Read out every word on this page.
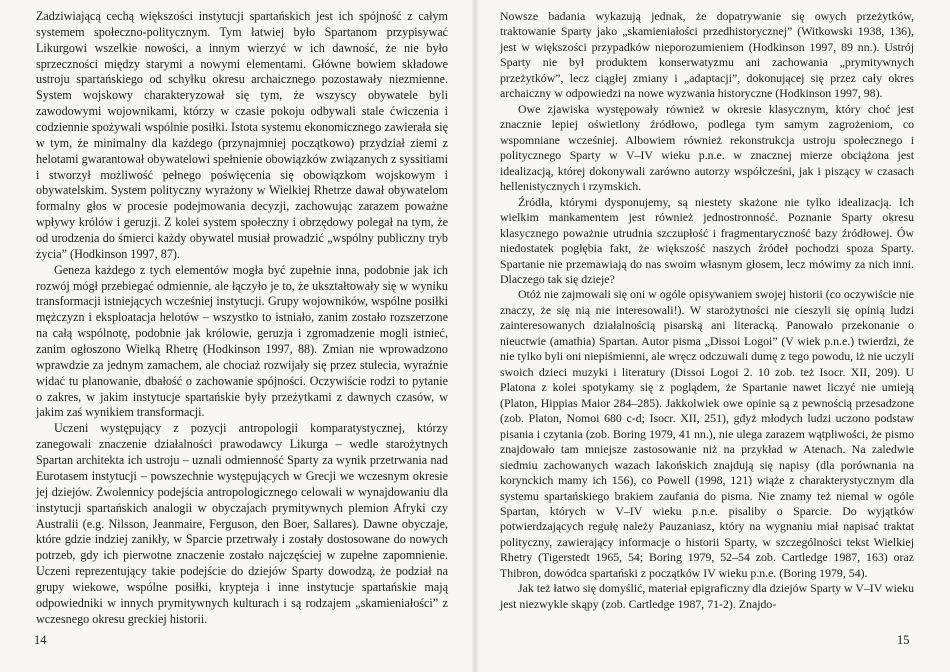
Zadziwiającą cechą większości instytucji spartańskich jest ich spójność z całym systemem społeczno-politycznym. Tym łatwiej było Spartanom przypisywać Likurgowi wszelkie nowości, a innym wierzyć w ich dawność, że nie było sprzeczności między starymi a nowymi elementami. Główne bowiem składowe ustroju spartańskiego od schyłku okresu archaicznego pozostawały niezmienne. System wojskowy charakteryzował się tym, że wszyscy obywatele byli zawodowymi wojownikami, którzy w czasie pokoju odbywali stale ćwiczenia i codziennie spożywali wspólnie posiłki. Istota systemu ekonomicznego zawierała się w tym, że minimalny dla każdego (przynajmniej początkowo) przydział ziemi z helotami gwarantował obywatelowi spełnienie obowiązków związanych z syssitiami i stworzył możliwość pełnego poświęcenia się obowiązkom wojskowym i obywatelskim. System polityczny wyrażony w Wielkiej Rhetrze dawał obywatelom formalny głos w procesie podejmowania decyzji, zachowując zarazem poważne wpływy królów i geruzji. Z kolei system społeczny i obrzędowy polegał na tym, że od urodzenia do śmierci każdy obywatel musiał prowadzić „wspólny publiczny tryb życia” (Hodkinson 1997, 87).

Geneza każdego z tych elementów mogła być zupełnie inna, podobnie jak ich rozwój mógł przebiegać odmiennie, ale łączyło je to, że ukształtowały się w wyniku transformacji istniejących wcześniej instytucji. Grupy wojowników, wspólne posiłki mężczyzn i eksploatacja helotów – wszystko to istniało, zanim zostało rozszerzone na całą wspólnotę, podobnie jak królowie, geruzja i zgromadzenie mogli istnieć, zanim ogłoszono Wielką Rhetrę (Hodkinson 1997, 88). Zmian nie wprowadzono wprawdzie za jednym zamachem, ale chociaż rozwijały się przez stulecia, wyraźnie widać tu planowanie, dbałość o zachowanie spójności. Oczywiście rodzi to pytanie o zakres, w jakim instytucje spartańskie były przeżytkami z dawnych czasów, w jakim zaś wynikiem transformacji.

Uczeni występujący z pozycji antropologii komparatystycznej, którzy zanegowali znaczenie działalności prawodawcy Likurga – wedle starożytnych Spartan architekta ich ustroju – uznali odmienność Sparty za wynik przetrwania nad Eurotasem instytucji – powszechnie występujących w Grecji we wczesnym okresie jej dziejów. Zwolennicy podejścia antropologicznego celowali w wynajdowaniu dla instytucji spartańskich analogii w obyczajach prymitywnych plemion Afryki czy Australii (e.g. Nilsson, Jeanmaire, Ferguson, den Boer, Sallares). Dawne obyczaje, które gdzie indziej zanikły, w Sparcie przetrwały i zostały dostosowane do nowych potrzeb, gdy ich pierwotne znaczenie zostało najczęściej w zupełne zapomnienie. Uczeni reprezentujący takie podejście do dziejów Sparty dowodzą, że podział na grupy wiekowe, wspólne posiłki, krypteja i inne instytucje spartańskie mają odpowiedniki w innych prymitywnych kulturach i są rodzajem „skamieniałości” z wczesnego okresu greckiej historii.

14

Nowsze badania wykazują jednak, że dopatrywanie się owych przeżytków, traktowanie Sparty jako „skamieniałości przedhistorycznej” (Witkowski 1938, 136), jest w większości przypadków nieporozumieniem (Hodkinson 1997, 89 nn.). Ustrój Sparty nie był produktem konserwatyzmu ani zachowania „prymitywnych przeżytków”, lecz ciągłej zmiany i „adaptacji”, dokonującej się przez cały okres archaiczny w odpowiedzi na nowe wyzwania historyczne (Hodkinson 1997, 98).

Owe zjawiska występowały również w okresie klasycznym, który choć jest znacznie lepiej oświetlony źródłowo, podlega tym samym zagrożeniom, co wspomniane wcześniej. Albowiem również rekonstrukcja ustroju społecznego i politycznego Sparty w V–IV wieku p.n.e. w znacznej mierze obciążona jest idealizacją, której dokonywali zarówno autorzy współcześni, jak i piszący w czasach hellenistycznych i rzymskich.

Źródła, którymi dysponujemy, są niestety skażone nie tylko idealizacją. Ich wielkim mankamentem jest również jednostronność. Poznanie Sparty okresu klasycznego poważnie utrudnia szczupłość i fragmentaryczność bazy źródłowej. Ów niedostatek pogłębia fakt, że większość naszych źródeł pochodzi spoza Sparty. Spartanie nie przemawiają do nas swoim własnym głosem, lecz mówimy za nich inni. Dlaczego tak się dzieje?

Otóż nie zajmowali się oni w ogóle opisywaniem swojej historii (co oczywiście nie znaczy, że się nią nie interesowali!). W starożytności nie cieszyli się opinią ludzi zainteresowanych działalnością pisarską ani literacką. Panowało przekonanie o nieuctwie (amathia) Spartan. Autor pisma „Dissoi Logoi” (V wiek p.n.e.) twierdzi, że nie tylko byli oni niepiśmienni, ale wręcz odczuwali dumę z tego powodu, iż nie uczyli swoich dzieci muzyki i literatury (Dissoi Logoi 2. 10 zob. też Isocr. XII, 209). U Platona z kolei spotykamy się z poglądem, że Spartanie nawet liczyć nie umieją (Platon, Hippias Maior 284–285). Jakkolwiek owe opinie są z pewnością przesadzone (zob. Platon, Nomoi 680 c-d; Isocr. XII, 251), gdyż młodych ludzi uczono podstaw pisania i czytania (zob. Boring 1979, 41 nn.), nie ulega zarazem wątpliwości, że pismo znajdowało tam mniejsze zastosowanie niż na przykład w Atenach. Na zaledwie siedmiu zachowanych wazach lakońskich znajdują się napisy (dla porównania na korynckich mamy ich 156), co Powell (1998, 121) wiąże z charakterystycznym dla systemu spartańskiego brakiem zaufania do pisma. Nie znamy też niemal w ogóle Spartan, których w V–IV wieku p.n.e. pisaliby o Sparcie. Do wyjątków potwierdzających regułę należy Pauzaniasz, który na wygnaniu miał napisać traktat polityczny, zawierający informacje o historii Sparty, w szczególności tekst Wielkiej Rhetry (Tigerstedt 1965, 54; Boring 1979, 52–54 zob. Cartledge 1987, 163) oraz Thibron, dowódca spartański z początków IV wieku p.n.e. (Boring 1979, 54).

Jak też łatwo się domyślić, materiał epigraficzny dla dziejów Sparty w V–IV wieku jest niezwykle skąpy (zob. Cartledge 1987, 71-2). Znajdo-

15
